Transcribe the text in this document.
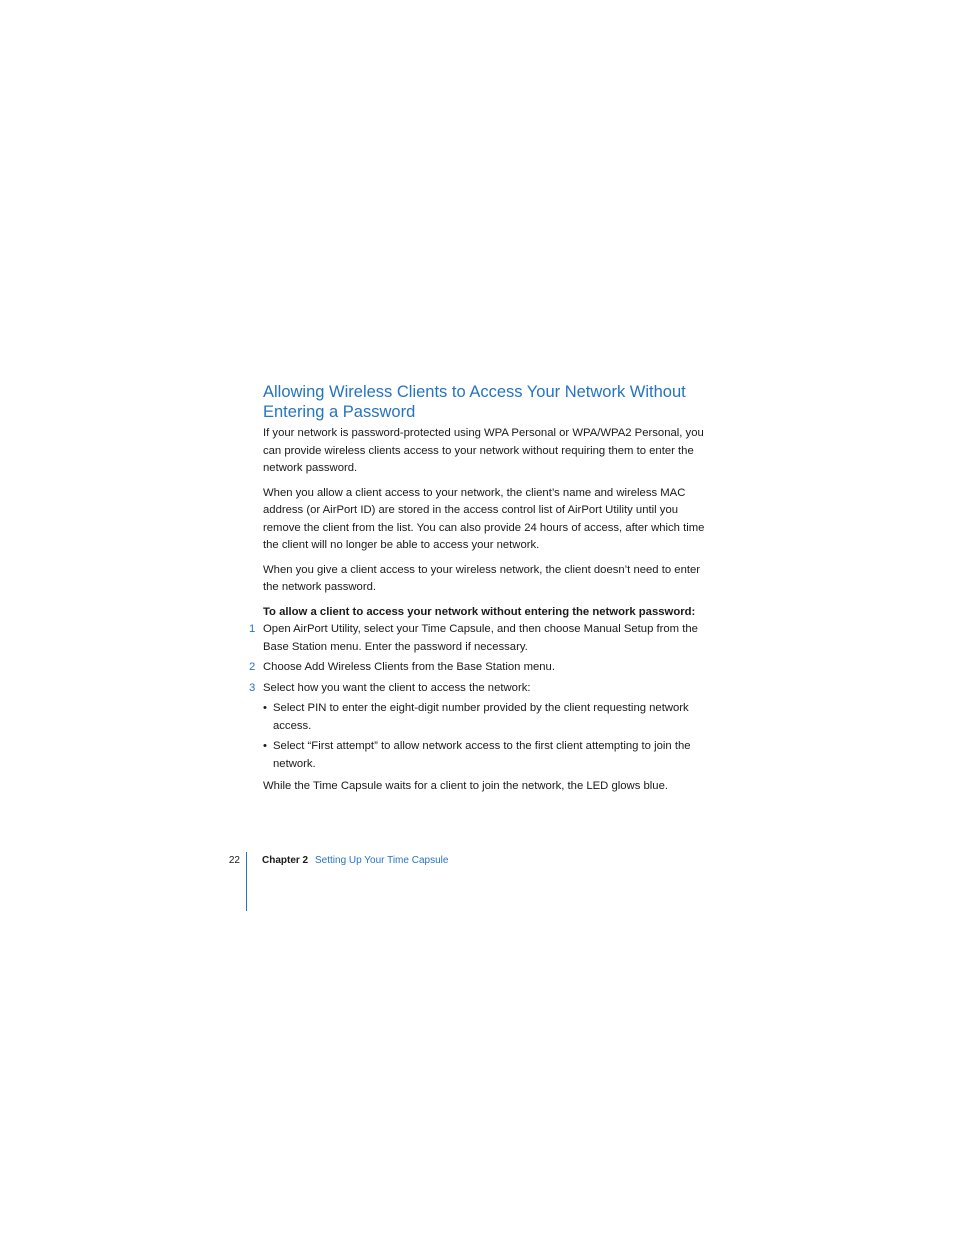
Allowing Wireless Clients to Access Your Network Without Entering a Password

If your network is password-protected using WPA Personal or WPA/WPA2 Personal, you can provide wireless clients access to your network without requiring them to enter the network password.

When you allow a client access to your network, the client’s name and wireless MAC address (or AirPort ID) are stored in the access control list of AirPort Utility until you remove the client from the list. You can also provide 24 hours of access, after which time the client will no longer be able to access your network.

When you give a client access to your wireless network, the client doesn’t need to enter the network password.

To allow a client to access your network without entering the network password:

1 Open AirPort Utility, select your Time Capsule, and then choose Manual Setup from the Base Station menu. Enter the password if necessary.
2 Choose Add Wireless Clients from the Base Station menu.
3 Select how you want the client to access the network:
• Select PIN to enter the eight-digit number provided by the client requesting network access.
• Select “First attempt” to allow network access to the first client attempting to join the network.

While the Time Capsule waits for a client to join the network, the LED glows blue.

22 Chapter 2 Setting Up Your Time Capsule
